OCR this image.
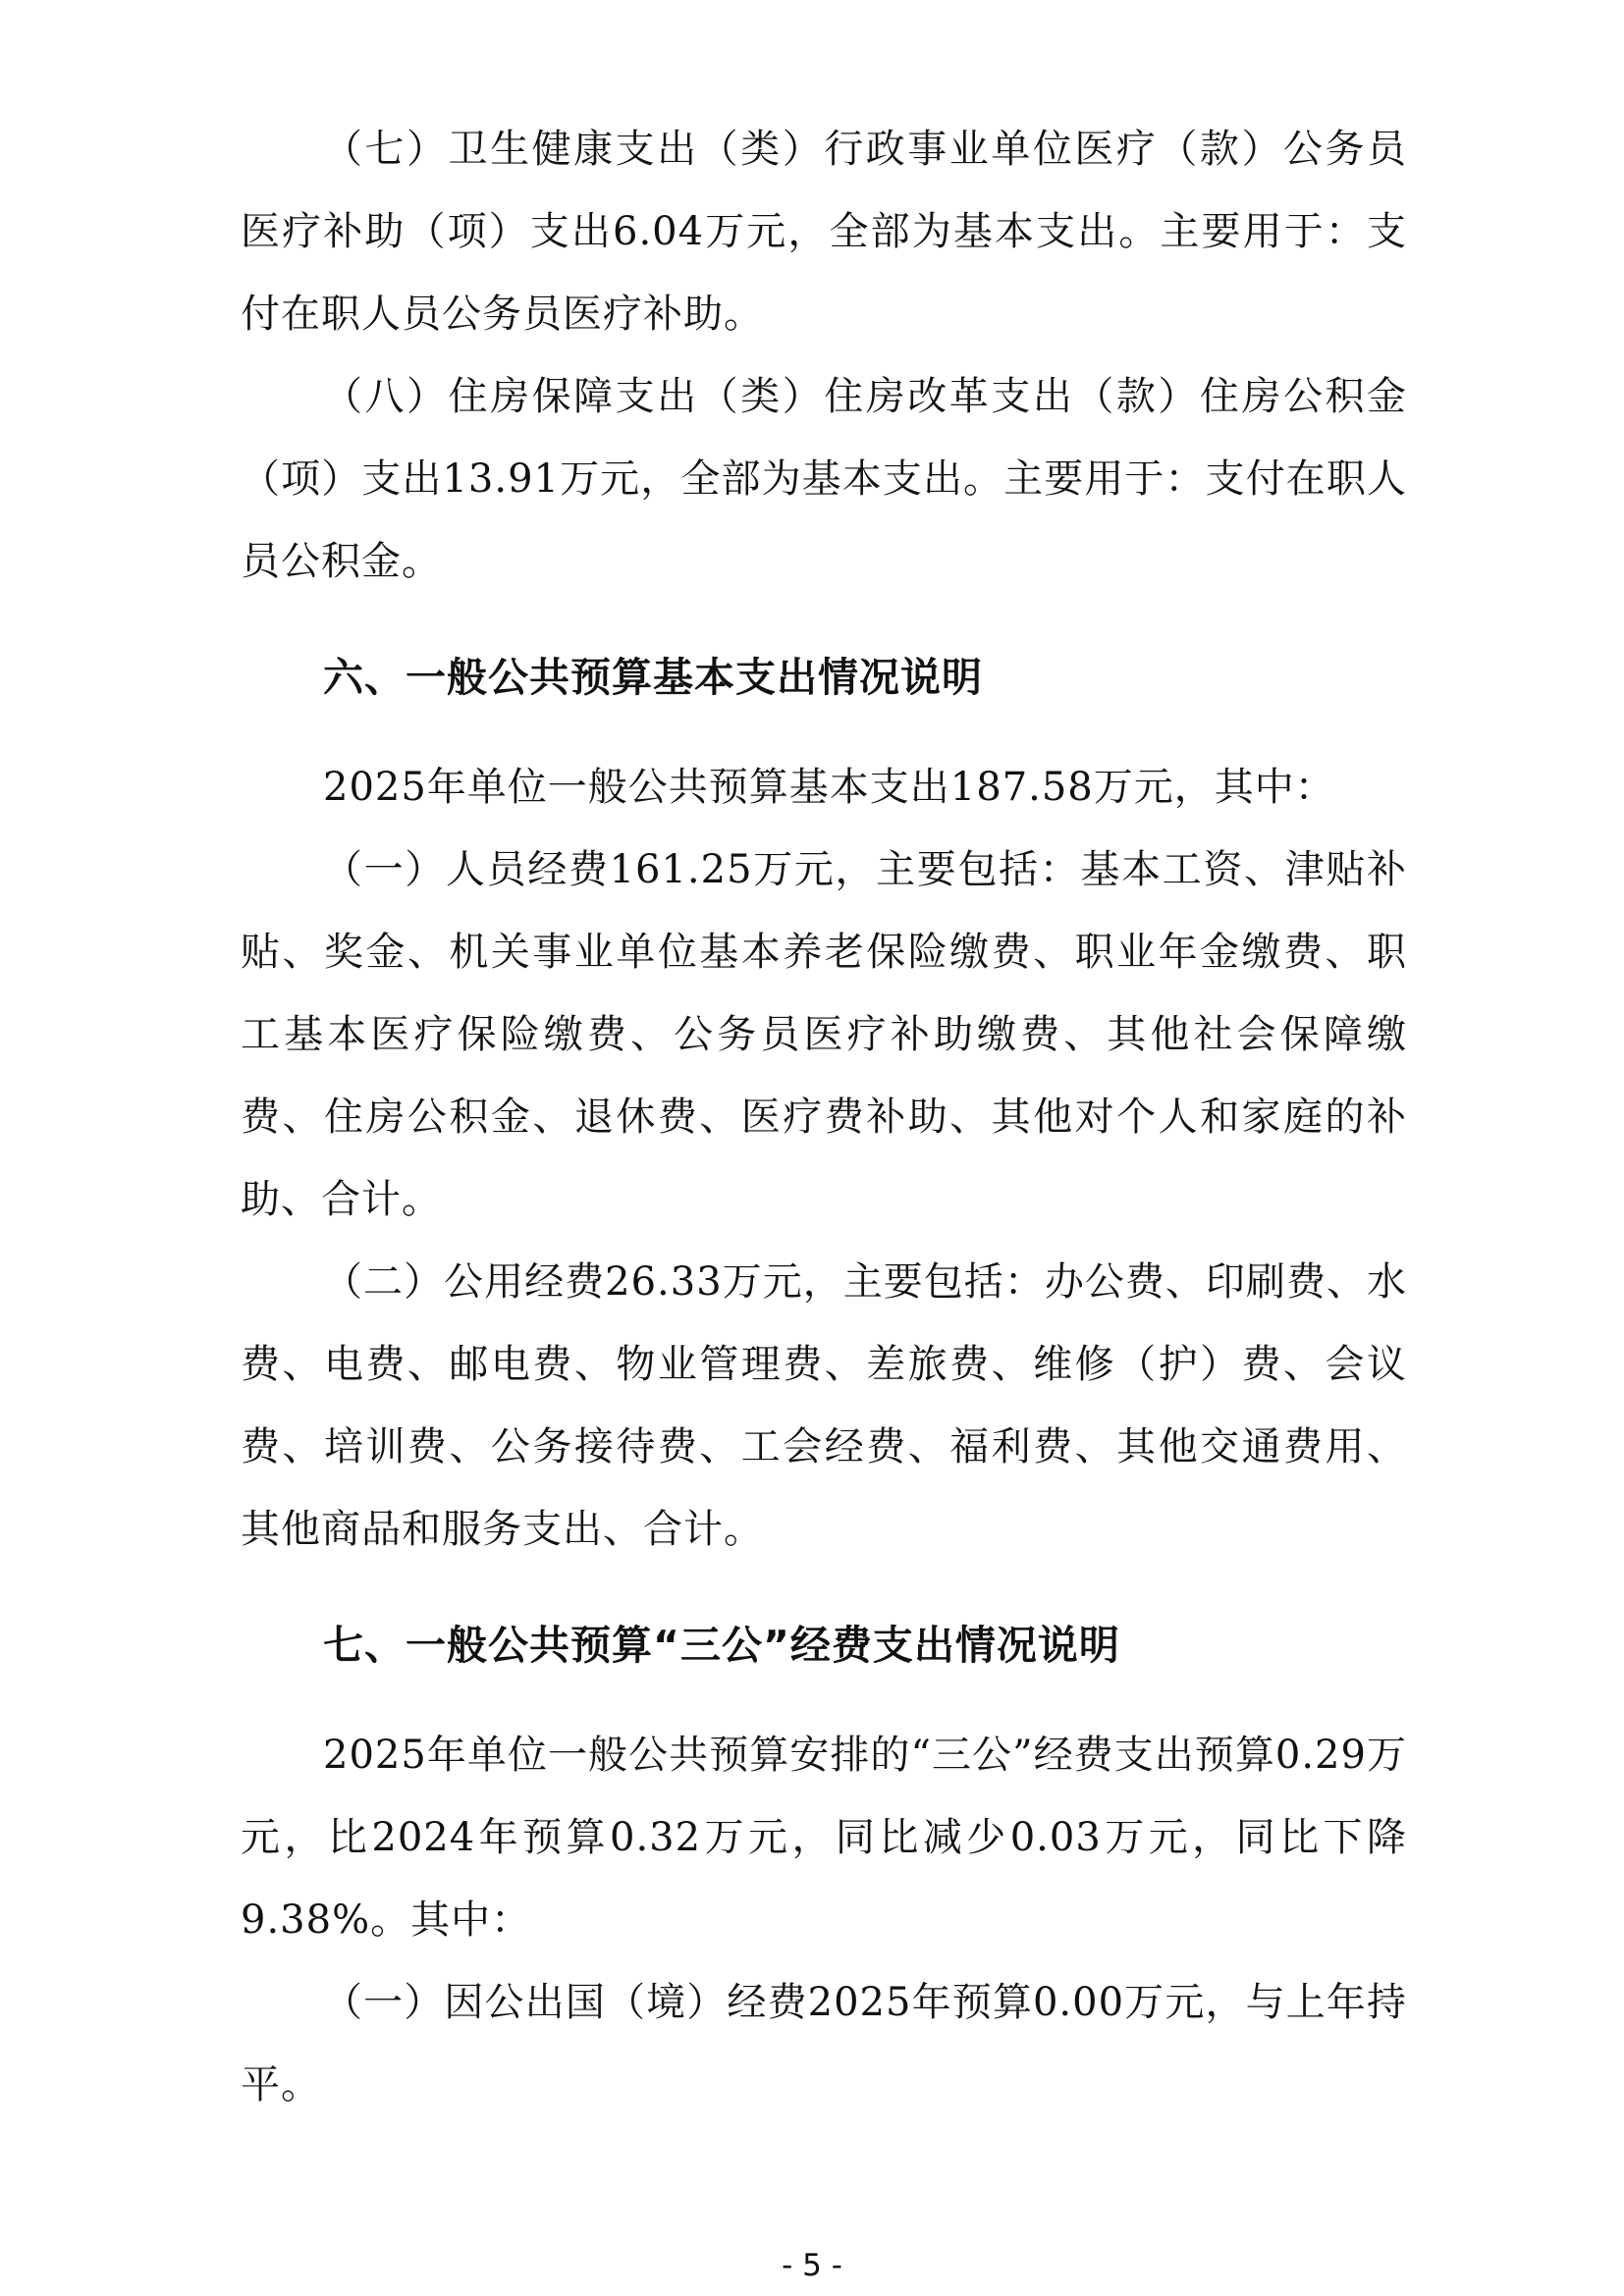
（七）卫生健康支出（类）行政事业单位医疗（款）公务员医疗补助（项）支出6.04万元，全部为基本支出。主要用于：支付在职人员公务员医疗补助。

（八）住房保障支出（类）住房改革支出（款）住房公积金（项）支出13.91万元，全部为基本支出。主要用于：支付在职人员公积金。

六、一般公共预算基本支出情况说明

2025年单位一般公共预算基本支出187.58万元，其中：

（一）人员经费161.25万元，主要包括：基本工资、津贴补贴、奖金、机关事业单位基本养老保险缴费、职业年金缴费、职工基本医疗保险缴费、公务员医疗补助缴费、其他社会保障缴费、住房公积金、退休费、医疗费补助、其他对个人和家庭的补助、合计。

（二）公用经费26.33万元，主要包括：办公费、印刷费、水费、电费、邮电费、物业管理费、差旅费、维修（护）费、会议费、培训费、公务接待费、工会经费、福利费、其他交通费用、其他商品和服务支出、合计。

七、一般公共预算“三公”经费支出情况说明

2025年单位一般公共预算安排的“三公”经费支出预算0.29万元，比2024年预算0.32万元，同比减少0.03万元，同比下降9.38%。其中：

（一）因公出国（境）经费2025年预算0.00万元，与上年持平。

- 5 -
